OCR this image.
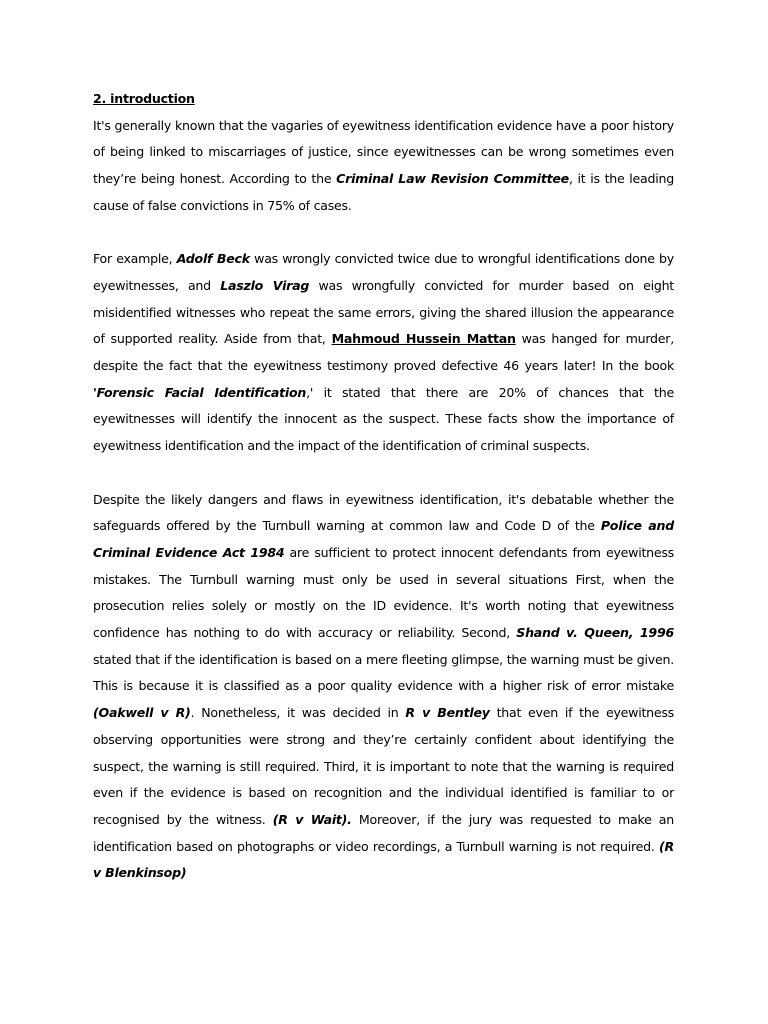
2. introduction

It's generally known that the vagaries of eyewitness identification evidence have a poor history of being linked to miscarriages of justice, since eyewitnesses can be wrong sometimes even they’re being honest. According to the Criminal Law Revision Committee, it is the leading cause of false convictions in 75% of cases.

For example, Adolf Beck was wrongly convicted twice due to wrongful identifications done by eyewitnesses, and Laszlo Virag was wrongfully convicted for murder based on eight misidentified witnesses who repeat the same errors, giving the shared illusion the appearance of supported reality. Aside from that, Mahmoud Hussein Mattan was hanged for murder, despite the fact that the eyewitness testimony proved defective 46 years later! In the book 'Forensic Facial Identification,' it stated that there are 20% of chances that the eyewitnesses will identify the innocent as the suspect. These facts show the importance of eyewitness identification and the impact of the identification of criminal suspects.

Despite the likely dangers and flaws in eyewitness identification, it's debatable whether the safeguards offered by the Turnbull warning at common law and Code D of the Police and Criminal Evidence Act 1984 are sufficient to protect innocent defendants from eyewitness mistakes. The Turnbull warning must only be used in several situations First, when the prosecution relies solely or mostly on the ID evidence. It's worth noting that eyewitness confidence has nothing to do with accuracy or reliability. Second, Shand v. Queen, 1996 stated that if the identification is based on a mere fleeting glimpse, the warning must be given. This is because it is classified as a poor quality evidence with a higher risk of error mistake (Oakwell v R). Nonetheless, it was decided in R v Bentley that even if the eyewitness observing opportunities were strong and they’re certainly confident about identifying the suspect, the warning is still required. Third, it is important to note that the warning is required even if the evidence is based on recognition and the individual identified is familiar to or recognised by the witness. (R v Wait). Moreover, if the jury was requested to make an identification based on photographs or video recordings, a Turnbull warning is not required. (R v Blenkinsop)
